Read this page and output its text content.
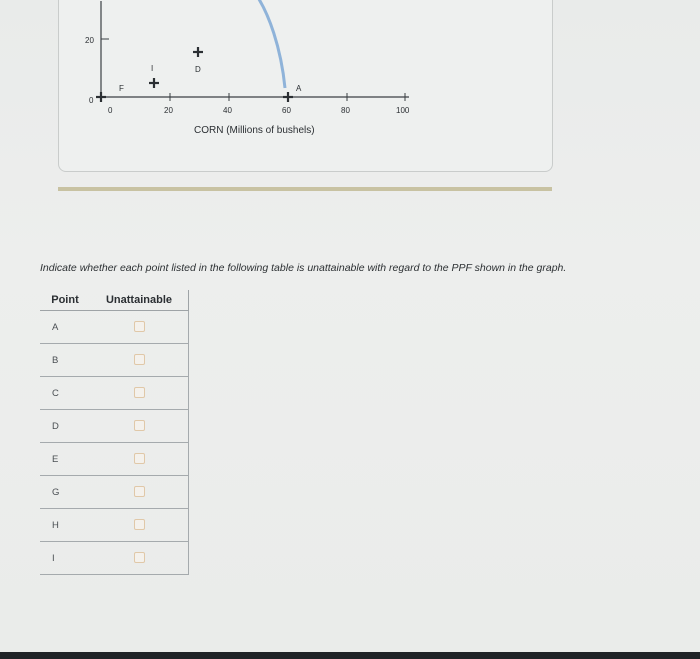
20
0
0	20	40	60	80	100
CORN (Millions of bushels)
F
I	D
A
Indicate whether each point listed in the following table is unattainable with regard to the PPF shown in the graph.
Point	Unattainable
A	
B	
C	
D	
E	
G	
H	
I	
